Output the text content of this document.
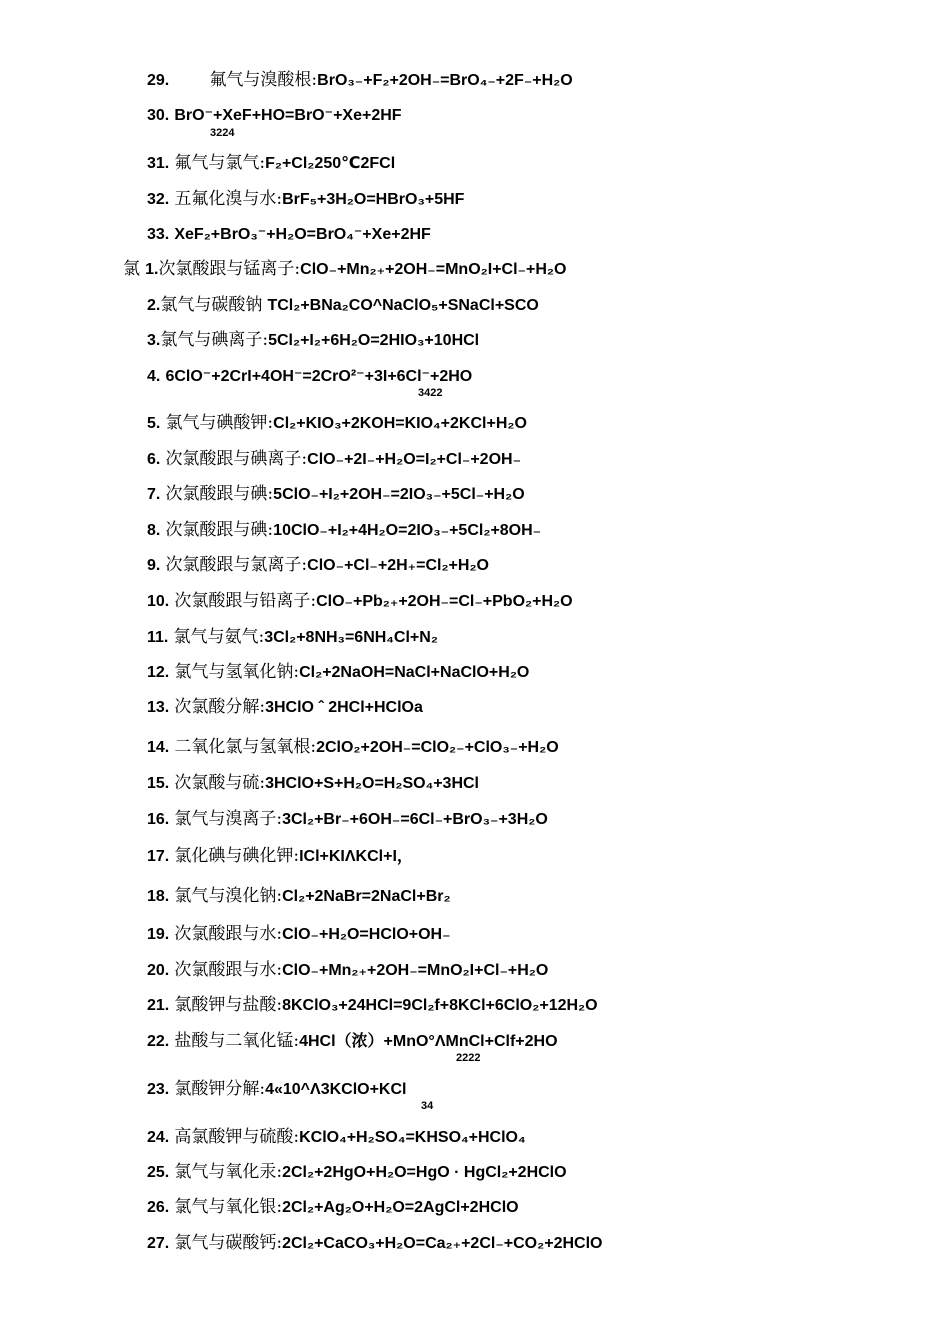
29. 氟气与溴酸根:BrO₃₋+F₂+2OH₋=BrO₄₋+2F₋+H₂O
30. BrO⁻+XeF+HO=BrO⁻+Xe+2HF
3224
31. 氟气与氯气:F₂+Cl₂250℃2FCl
32. 五氟化溴与水:BrF₅+3H₂O=HBrO₃+5HF
33. XeF₂+BrO₃⁻+H₂O=BrO₄⁻+Xe+2HF
氯 1.次氯酸跟与锰离子:ClO₋+Mn₂₊+2OH₋=MnO₂I+Cl₋+H₂O
2.氯气与碳酸钠 TCl₂+BNa₂CO^NaClO₅+SNaCl+SCO
3.氯气与碘离子:5Cl₂+I₂+6H₂O=2HIO₃+10HCl
4. 6ClO⁻+2CrI+4OH⁻=2CrO²⁻+3I+6Cl⁻+2HO
3422
5. 氯气与碘酸钾:Cl₂+KIO₃+2KOH=KIO₄+2KCl+H₂O
6. 次氯酸跟与碘离子:ClO₋+2I₋+H₂O=I₂+Cl₋+2OH₋
7. 次氯酸跟与碘:5ClO₋+I₂+2OH₋=2IO₃₋+5Cl₋+H₂O
8. 次氯酸跟与碘:10ClO₋+I₂+4H₂O=2IO₃₋+5Cl₂+8OH₋
9. 次氯酸跟与氯离子:ClO₋+Cl₋+2H₊=Cl₂+H₂O
10. 次氯酸跟与铅离子:ClO₋+Pb₂₊+2OH₋=Cl₋+PbO₂+H₂O
11. 氯气与氨气:3Cl₂+8NH₃=6NH₄Cl+N₂
12. 氯气与氢氧化钠:Cl₂+2NaOH=NaCl+NaClO+H₂O
13. 次氯酸分解:3HClO ˆ 2HCl+HClOa
14. 二氧化氯与氢氧根:2ClO₂+2OH₋=ClO₂₋+ClO₃₋+H₂O
15. 次氯酸与硫:3HClO+S+H₂O=H₂SO₄+3HCl
16. 氯气与溴离子:3Cl₂+Br₋+6OH₋=6Cl₋+BrO₃₋+3H₂O
17. 氯化碘与碘化钾:ICl+KIΛKCl+I，
18. 氯气与溴化钠:Cl₂+2NaBr=2NaCl+Br₂
19. 次氯酸跟与水:ClO₋+H₂O=HClO+OH₋
20. 次氯酸跟与水:ClO₋+Mn₂₊+2OH₋=MnO₂I+Cl₋+H₂O
21. 氯酸钾与盐酸:8KClO₃+24HCl=9Cl₂f+8KCl+6ClO₂+12H₂O
22. 盐酸与二氧化锰:4HCl（浓）+MnO°ΛMnCl+Clf+2HO
2222
23. 氯酸钾分解:4«10^Λ3KClO+KCl
34
24. 高氯酸钾与硫酸:KClO₄+H₂SO₄=KHSO₄+HClO₄
25. 氯气与氧化汞:2Cl₂+2HgO+H₂O=HgO · HgCl₂+2HClO
26. 氯气与氧化银:2Cl₂+Ag₂O+H₂O=2AgCl+2HClO
27. 氯气与碳酸钙:2Cl₂+CaCO₃+H₂O=Ca₂₊+2Cl₋+CO₂+2HClO
